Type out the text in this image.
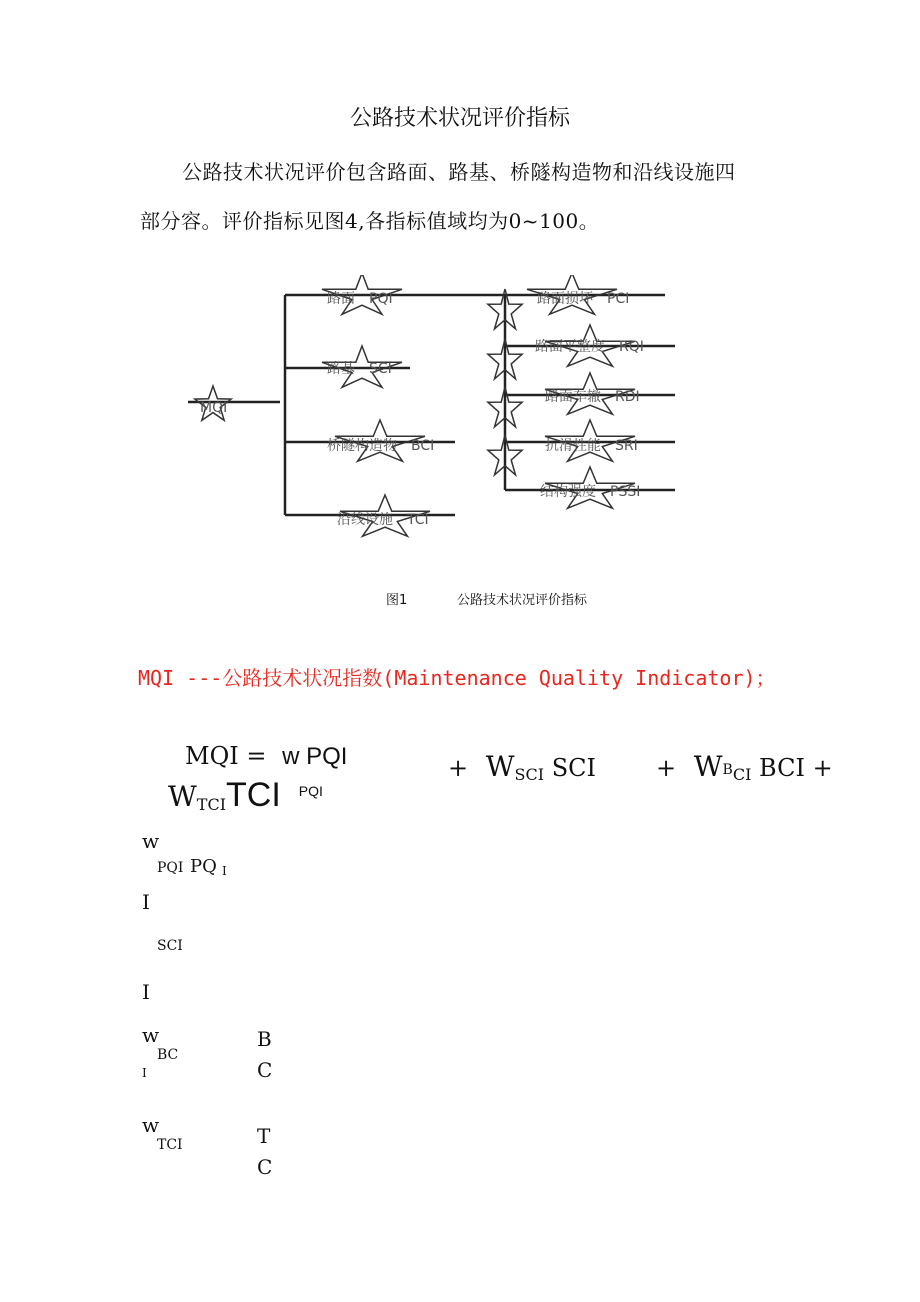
公路技术状况评价指标
公路技术状况评价包含路面、路基、桥隧构造物和沿线设施四
部分容。评价指标见图4,各指标值域均为0~100。
MQI
路面　PQI
路基　SCI
桥隧构造物　BCI
沿线设施　TCI
路面损坏　PCI
路面平整度　RQI
路面车辙　RDI
抗滑性能　SRI
结构强度　PSSI
图1	公路技术状况评价指标
MQI ---公路技术状况指数(Maintenance Quality Indicator)；
MQI = w PQI	+ $W_{SCI}$ SCI	+ $W_{BCI}$ BCI +
$W_{TCI}TCI$ PQI
w
PQI PQ I
I
SCI
I
w
BC
I
B
C
w
TCI	T
C
